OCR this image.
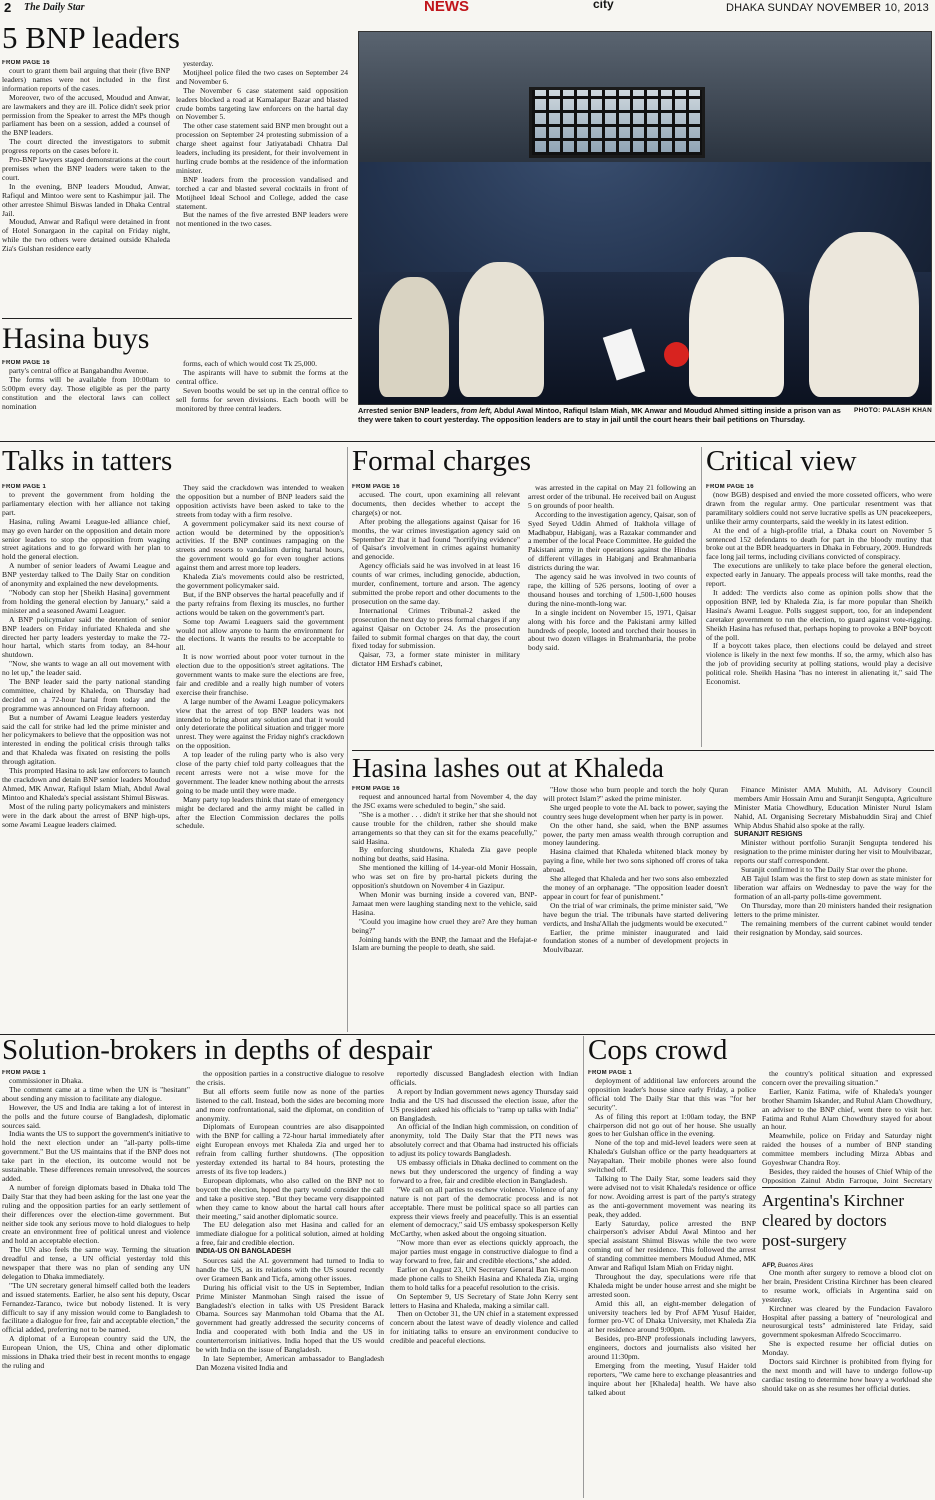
2 The Daily Star	NEWS	city	DHAKA SUNDAY NOVEMBER 10, 2013
5 BNP leaders
FROM PAGE 16

court to grant them bail arguing that their (five BNP leaders) names were not included in the first information reports of the cases.

Moreover, two of the accused, Moudud and Anwar, are lawmakers and they are ill. Police didn't seek prior permission from the Speaker to arrest the MPs though parliament has been on a session, added a counsel of the BNP leaders.

The court directed the investigators to submit progress reports on the cases before it.

Pro-BNP lawyers staged demonstrations at the court premises when the BNP leaders were taken to the court.

In the evening, BNP leaders Moudud, Anwar, Rafiqul and Mintoo were sent to Kashimpur jail. The other arrestee Shimul Biswas landed in Dhaka Central Jail.

Moudud, Anwar and Rafiqul were detained in front of Hotel Sonargaon in the capital on Friday night, while the two others were detained outside Khaleda Zia's Gulshan residence early

yesterday.

Motijheel police filed the two cases on September 24 and November 6.

The November 6 case statement said opposition leaders blocked a road at Kamalapur Bazar and blasted crude bombs targeting law enforcers on the hartal day on November 5.

The other case statement said BNP men brought out a procession on September 24 protesting submission of a charge sheet against four Jatiyatabadi Chhatra Dal leaders, including its president, for their involvement in hurling crude bombs at the residence of the information minister.

BNP leaders from the procession vandalised and torched a car and blasted several cocktails in front of Motijheel Ideal School and College, added the case statement.

But the names of the five arrested BNP leaders were not mentioned in the two cases.

Hasina buys
FROM PAGE 16

party's central office at Bangabandhu Avenue.

The forms will be available from 10:00am to 5:00pm every day. Those eligible as per the party constitution and the electoral laws can collect nomination

forms, each of which would cost Tk 25,000.

The aspirants will have to submit the forms at the central office.

Seven booths would be set up in the central office to sell forms for seven divisions. Each booth will be monitored by three central leaders.	PHOTO: PALASH KHAN
Arrested senior BNP leaders, from left, Abdul Awal Mintoo, Rafiqul Islam Miah, MK Anwar and Moudud Ahmed sitting inside a prison van as they were taken to court yesterday. The opposition leaders are to stay in jail until the court hears their bail petitions on Thursday.
Talks in tatters
FROM PAGE 1

to prevent the government from holding the parliamentary election with her alliance not taking part.

Hasina, ruling Awami League-led alliance chief, may go even harder on the opposition and detain more senior leaders to stop the opposition from waging street agitations and to go forward with her plan to hold the general election.

A number of senior leaders of Awami League and BNP yesterday talked to The Daily Star on condition of anonymity and explained the new developments.

"Nobody can stop her [Sheikh Hasina] government from holding the general election by January," said a minister and a seasoned Awami Leaguer.

A BNP policymaker said the detention of senior BNP leaders on Friday infuriated Khaleda and she directed her party leaders yesterday to make the 72-hour hartal, which starts from today, an 84-hour shutdown.

"Now, she wants to wage an all out movement with no let up," the leader said.

The BNP leader said the party national standing committee, chaired by Khaleda, on Thursday had decided on a 72-hour hartal from today and the programme was announced on Friday afternoon.

But a number of Awami League leaders yesterday said the call for strike had led the prime minister and her policymakers to believe that the opposition was not interested in ending the political crisis through talks and that Khaleda was fixated on resisting the polls through agitation.

This prompted Hasina to ask law enforcers to launch the crackdown and detain BNP senior leaders Moudud Ahmed, MK Anwar, Rafiqul Islam Miah, Abdul Awal Mintoo and Khaleda's special assistant Shimul Biswas.

Most of the ruling party policymakers and ministers were in the dark about the arrest of BNP high-ups, some Awami League leaders claimed.

They said the crackdown was intended to weaken the opposition but a number of BNP leaders said the opposition activists have been asked to take to the streets from today with a firm resolve.

A government policymaker said its next course of action would be determined by the opposition's activities. If the BNP continues rampaging on the streets and resorts to vandalism during hartal hours, the government would go for even tougher actions against them and arrest more top leaders.

Khaleda Zia's movements could also be restricted, the government policymaker said.

But, if the BNP observes the hartal peacefully and if the party refrains from flexing its muscles, no further actions would be taken on the government's part.

Some top Awami Leaguers said the government would not allow anyone to harm the environment for the elections. It wants the results to be acceptable to all.

It is now worried about poor voter turnout in the election due to the opposition's street agitations. The government wants to make sure the elections are free, fair and credible and a really high number of voters exercise their franchise.

A large number of the Awami League policymakers view that the arrest of top BNP leaders was not intended to bring about any solution and that it would only deteriorate the political situation and trigger more unrest. They were against the Friday night's crackdown on the opposition.

A top leader of the ruling party who is also very close of the party chief told party colleagues that the recent arrests were not a wise move for the government. The leader knew nothing about the arrests going to be made until they were made.

Many party top leaders think that state of emergency might be declared and the army might be called in after the Election Commission declares the polls schedule.

Formal charges
FROM PAGE 16

accused. The court, upon examining all relevant documents, then decides whether to accept the charge(s) or not.

After probing the allegations against Qaisar for 16 months, the war crimes investigation agency said on September 22 that it had found "horrifying evidence" of Qaisar's involvement in crimes against humanity and genocide.

Agency officials said he was involved in at least 16 counts of war crimes, including genocide, abduction, murder, confinement, torture and arson. The agency submitted the probe report and other documents to the prosecution on the same day.

International Crimes Tribunal-2 asked the prosecution the next day to press formal charges if any against Qaisar on October 24. As the prosecution failed to submit formal charges on that day, the court fixed today for submission.

Qaisar, 73, a former state minister in military dictator HM Ershad's cabinet,

was arrested in the capital on May 21 following an arrest order of the tribunal. He received bail on August 5 on grounds of poor health.

According to the investigation agency, Qaisar, son of Syed Seyed Uddin Ahmed of Itakhola village of Madhabpur, Habiganj, was a Razakar commander and a member of the local Peace Committee. He guided the Pakistani army in their operations against the Hindus of different villages in Habiganj and Brahmanbaria districts during the war.

The agency said he was involved in two counts of rape, the killing of 526 persons, looting of over a thousand houses and torching of 1,500-1,600 houses during the nine-month-long war.

In a single incident on November 15, 1971, Qaisar along with his force and the Pakistani army killed hundreds of people, looted and torched their houses in about two dozen villages in Brahmanbaria, the probe body said.

Critical view
FROM PAGE 16

(now BGB) despised and envied the more cosseted officers, who were drawn from the regular army. One particular resentment was that paramilitary soldiers could not serve lucrative spells as UN peacekeepers, unlike their army counterparts, said the weekly in its latest edition.

At the end of a high-profile trial, a Dhaka court on November 5 sentenced 152 defendants to death for part in the bloody mutiny that broke out at the BDR headquarters in Dhaka in February, 2009. Hundreds face long jail terms, including civilians convicted of conspiracy.

The executions are unlikely to take place before the general election, expected early in January. The appeals process will take months, read the report.

It added: The verdicts also come as opinion polls show that the opposition BNP, led by Khaleda Zia, is far more popular than Sheikh Hasina's Awami League. Polls suggest support, too, for an independent caretaker government to run the election, to guard against vote-rigging. Sheikh Hasina has refused that, perhaps hoping to provoke a BNP boycott of the poll.

If a boycott takes place, then elections could be delayed and street violence is likely in the next few months. If so, the army, which also has the job of providing security at polling stations, would play a decisive political role. Sheikh Hasina "has no interest in alienating it," said The Economist.

Hasina lashes out at Khaleda
FROM PAGE 16

request and announced hartal from November 4, the day the JSC exams were scheduled to begin," she said.

"She is a mother . . . didn't it strike her that she should not cause trouble for the children, rather she should make arrangements so that they can sit for the exams peacefully," said Hasina.

By enforcing shutdowns, Khaleda Zia gave people nothing but deaths, said Hasina.

She mentioned the killing of 14-year-old Monir Hossain, who was set on fire by pro-hartal pickets during the opposition's shutdown on November 4 in Gazipur.

When Monir was burning inside a covered van, BNP-Jamaat men were laughing standing next to the vehicle, said Hasina.

"Could you imagine how cruel they are? Are they human being?"

Joining hands with the BNP, the Jamaat and the Hefajat-e Islam are burning the people to death, she said.

"How those who burn people and torch the holy Quran will protect Islam?" asked the prime minister.

She urged people to vote the AL back to power, saying the country sees huge development when her party is in power.

On the other hand, she said, when the BNP assumes power, the party men amass wealth through corruption and money laundering.

Hasina claimed that Khaleda whitened black money by paying a fine, while her two sons siphoned off crores of taka abroad.

She alleged that Khaleda and her two sons also embezzled the money of an orphanage. "The opposition leader doesn't appear in court for fear of punishment."

On the trial of war criminals, the prime minister said, "We have begun the trial. The tribunals have started delivering verdicts, and Insha'Allah the judgments would be executed."

Earlier, the prime minister inaugurated and laid foundation stones of a number of development projects in Moulvibazar.

Finance Minister AMA Muhith, AL Advisory Council members Amir Hossain Amu and Suranjit Sengupta, Agriculture Minister Matia Chowdhury, Education Minister Nurul Islam Nahid, AL Organising Secretary Misbahuddin Siraj and Chief Whip Abdus Shahid also spoke at the rally.

SURANJIT RESIGNS

Minister without portfolio Suranjit Sengupta tendered his resignation to the prime minister during her visit to Moulvibazar, reports our staff correspondent.

Suranjit confirmed it to The Daily Star over the phone.

AB Tajul Islam was the first to step down as state minister for liberation war affairs on Wednesday to pave the way for the formation of an all-party polls-time government.

On Thursday, more than 20 ministers handed their resignation letters to the prime minister.

The remaining members of the current cabinet would tender their resignation by Monday, said sources.

Solution-brokers in depths of despair
FROM PAGE 1

commissioner in Dhaka.

The comment came at a time when the UN is "hesitant" about sending any mission to facilitate any dialogue.

However, the US and India are taking a lot of interest in the polls and the future course of Bangladesh, diplomatic sources said.

India wants the US to support the government's initiative to hold the next election under an "all-party polls-time government." But the US maintains that if the BNP does not take part in the election, its outcome would not be sustainable. These differences remain unresolved, the sources added.

A number of foreign diplomats based in Dhaka told The Daily Star that they had been asking for the last one year the ruling and the opposition parties for an early settlement of their differences over the election-time government. But neither side took any serious move to hold dialogues to help create an environment free of political unrest and violence and hold an acceptable election.

The UN also feels the same way. Terming the situation dreadful and tense, a UN official yesterday told this newspaper that there was no plan of sending any UN delegation to Dhaka immediately.

"The UN secretary general himself called both the leaders and issued statements. Earlier, he also sent his deputy, Oscar Fernandez-Taranco, twice but nobody listened. It is very difficult to say if any mission would come to Bangladesh to facilitate a dialogue for free, fair and acceptable election," the official added, preferring not to be named.

A diplomat of a European country said the UN, the European Union, the US, China and other diplomatic missions in Dhaka tried their best in recent months to engage the ruling and

the opposition parties in a constructive dialogue to resolve the crisis.

But all efforts seem futile now as none of the parties listened to the call. Instead, both the sides are becoming more and more confrontational, said the diplomat, on condition of anonymity.

Diplomats of European countries are also disappointed with the BNP for calling a 72-hour hartal immediately after eight European envoys met Khaleda Zia and urged her to refrain from calling further shutdowns. (The opposition yesterday extended its hartal to 84 hours, protesting the arrests of its five top leaders.)

European diplomats, who also called on the BNP not to boycott the election, hoped the party would consider the call and take a positive step. "But they became very disappointed when they came to know about the hartal call hours after their meeting," said another diplomatic source.

The EU delegation also met Hasina and called for an immediate dialogue for a political solution, aimed at holding a free, fair and credible election.

INDIA-US ON BANGLADESH

Sources said the AL government had turned to India to handle the US, as its relations with the US soured recently over Grameen Bank and Ticfa, among other issues.

During his official visit to the US in September, Indian Prime Minister Manmohan Singh raised the issue of Bangladesh's election in talks with US President Barack Obama. Sources say Manmohan told Obama that the AL government had greatly addressed the security concerns of India and cooperated with both India and the US in counterterrorism initiatives. India hoped that the US would be with India on the issue of Bangladesh.

In late September, American ambassador to Bangladesh Dan Mozena visited India and

reportedly discussed Bangladesh election with Indian officials.

A report by Indian government news agency Thursday said India and the US had discussed the election issue, after the US president asked his officials to "ramp up talks with India" on Bangladesh.

An official of the Indian high commission, on condition of anonymity, told The Daily Star that the PTI news was absolutely correct and that Obama had instructed his officials to adjust its policy towards Bangladesh.

US embassy officials in Dhaka declined to comment on the news but they underscored the urgency of finding a way forward to a free, fair and credible election in Bangladesh.

"We call on all parties to eschew violence. Violence of any nature is not part of the democratic process and is not acceptable. There must be political space so all parties can express their views freely and peacefully. This is an essential element of democracy," said US embassy spokesperson Kelly McCarthy, when asked about the ongoing situation.

"Now more than ever as elections quickly approach, the major parties must engage in constructive dialogue to find a way forward to free, fair and credible elections," she added.

Earlier on August 23, UN Secretary General Ban Ki-moon made phone calls to Sheikh Hasina and Khaleda Zia, urging them to hold talks for a peaceful resolution to the crisis.

On September 9, US Secretary of State John Kerry sent letters to Hasina and Khaleda, making a similar call.

Then on October 31, the UN chief in a statement expressed concern about the latest wave of deadly violence and called for initiating talks to ensure an environment conducive to credible and peaceful elections.

Cops crowd
FROM PAGE 1

deployment of additional law enforcers around the opposition leader's house since early Friday, a police official told The Daily Star that this was "for her security".

As of filing this report at 1:00am today, the BNP chairperson did not go out of her house. She usually goes to her Gulshan office in the evening.

None of the top and mid-level leaders were seen at Khaleda's Gulshan office or the party headquarters at Nayapaltan. Their mobile phones were also found switched off.

Talking to The Daily Star, some leaders said they were advised not to visit Khaleda's residence or office for now. Avoiding arrest is part of the party's strategy as the anti-government movement was nearing its peak, they added.

Early Saturday, police arrested the BNP chairperson's adviser Abdul Awal Mintoo and her special assistant Shimul Biswas while the two were coming out of her residence. This followed the arrest of standing committee members Moudud Ahmed, MK Anwar and Rafiqul Islam Miah on Friday night.

Throughout the day, speculations were rife that Khaleda might be under house arrest and she might be arrested soon.

Amid this all, an eight-member delegation of university teachers led by Prof AFM Yusuf Haider, former pro-VC of Dhaka University, met Khaleda Zia at her residence around 9:00pm.

Besides, pro-BNP professionals including lawyers, engineers, doctors and journalists also visited her around 11:30pm.

Emerging from the meeting, Yusuf Haider told reporters, "We came here to exchange pleasantries and inquire about her [Khaleda] health. We have also talked about

the country's political situation and expressed concern over the prevailing situation."

Earlier, Kaniz Fatima, wife of Khaleda's younger brother Shamim Iskander, and Ruhul Alam Chowdhury, an adviser to the BNP chief, went there to visit her. Fatima and Ruhul Alam Chowdhury stayed for about an hour.

Meanwhile, police on Friday and Saturday night raided the houses of a number of BNP standing committee members including Mirza Abbas and Goyeshwar Chandra Roy.

Besides, they raided the houses of Chief Whip of the Opposition Zainul Abdin Farroque, Joint Secretary

Argentina's Kirchner
cleared by doctors
post-surgery
AFP, Buenos Aires

One month after surgery to remove a blood clot on her brain, President Cristina Kirchner has been cleared to resume work, officials in Argentina said on yesterday.

Kirchner was cleared by the Fundacion Favaloro Hospital after passing a battery of "neurological and neurosurgical tests" administered late Friday, said government spokesman Alfredo Scoccimarro.

She is expected resume her official duties on Monday.

Doctors said Kirchner is prohibited from flying for the next month and will have to undergo follow-up cardiac testing to determine how heavy a workload she should take on as she resumes her official duties.
